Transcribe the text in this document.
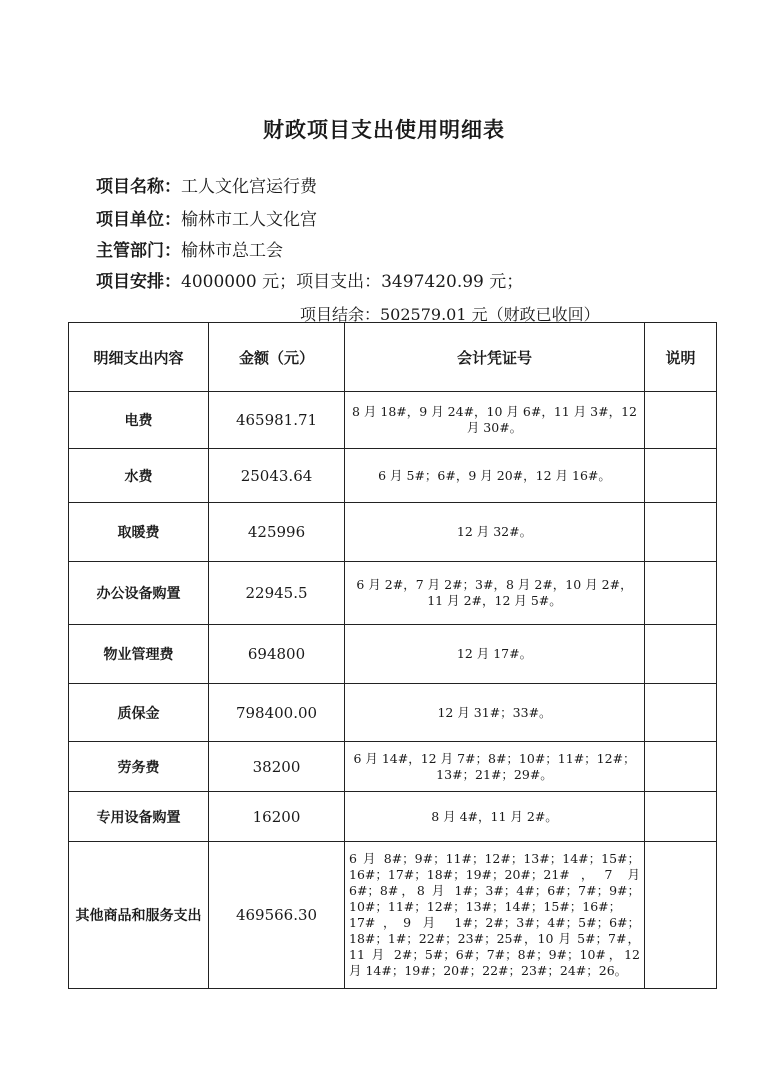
财政项目支出使用明细表
项目名称：工人文化宫运行费
项目单位：榆林市工人文化宫
主管部门：榆林市总工会
项目安排：4000000 元；项目支出：3497420.99 元；
项目结余：502579.01 元（财政已收回）
明细支出内容	金额（元）	会计凭证号	说明
电费	465981.71	8 月 18#，9 月 24#，10 月 6#，11 月 3#，12 月 30#。	
水费	25043.64	6 月 5#；6#，9 月 20#，12 月 16#。	
取暖费	425996	12 月 32#。	
办公设备购置	22945.5	6 月 2#，7 月 2#；3#，8 月 2#，10 月 2#，11 月 2#，12 月 5#。	
物业管理费	694800	12 月 17#。	
质保金	798400.00	12 月 31#；33#。	
劳务费	38200	6 月 14#，12 月 7#；8#；10#；11#；12#；13#；21#；29#。	
专用设备购置	16200	8 月 4#，11 月 2#。	
其他商品和服务支出	469566.30	6 月 8#；9#；11#；12#；13#；14#；15#；16#；17#；18#；19#；20#；21#，7 月 6#；8#，8 月 1#；3#；4#；6#；7#；9#；10#；11#；12#；13#；14#；15#；16#；17#，9 月 1#；2#；3#；4#；5#；6#；18#；1#；22#；23#；25#，10 月 5#；7#，11 月 2#；5#；6#；7#；8#；9#；10#，12 月 14#；19#；20#；22#；23#；24#；26。	
